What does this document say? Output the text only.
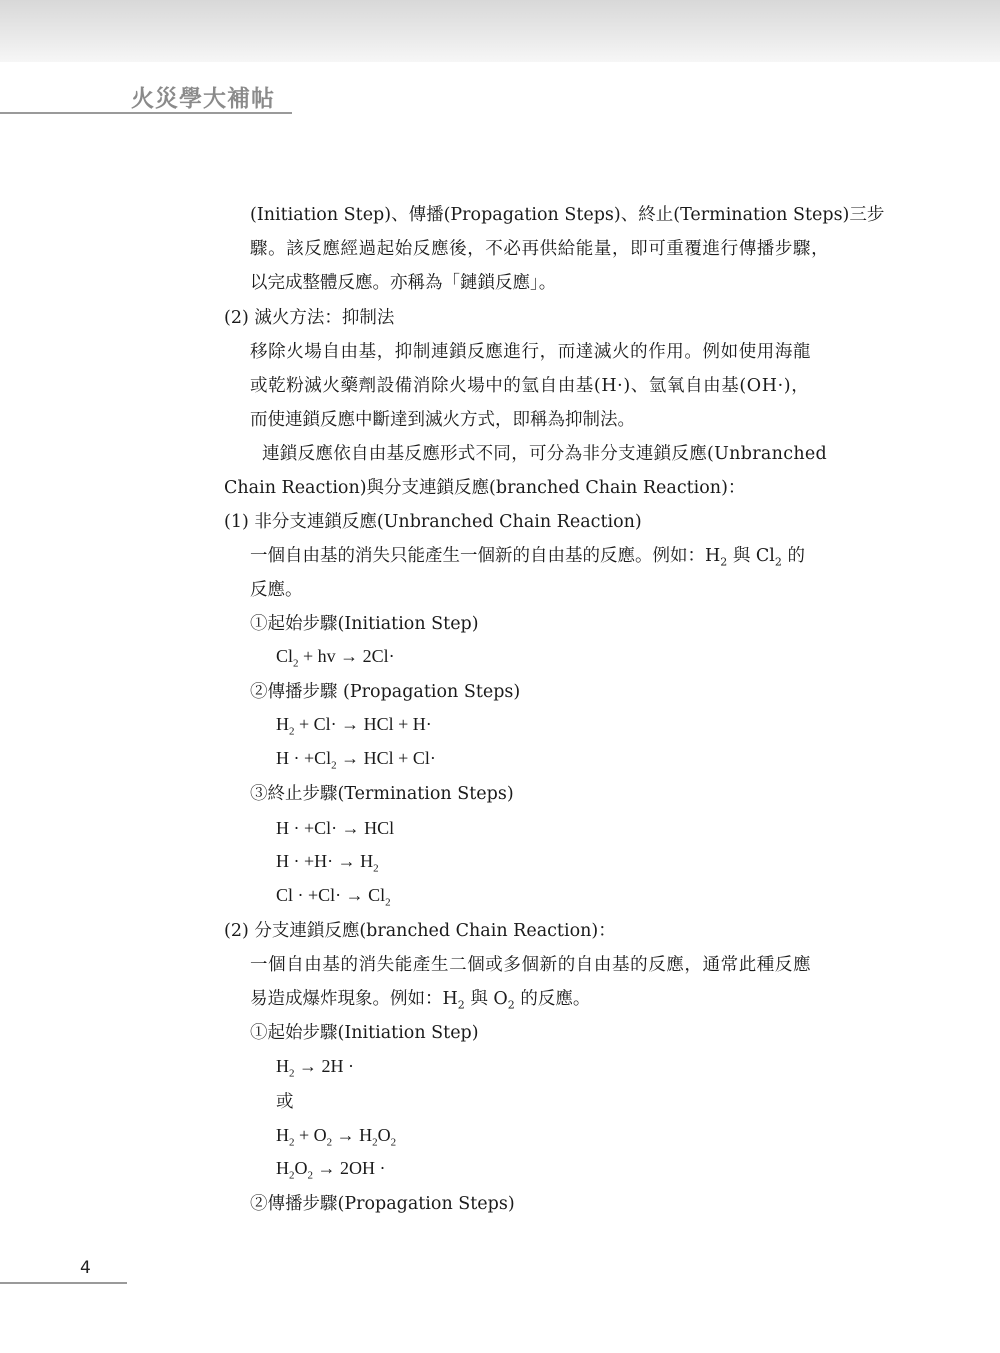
火災學大補帖
(Initiation Step)、傳播(Propagation Steps)、終止(Termination Steps)三步
驟。該反應經過起始反應後，不必再供給能量，即可重覆進行傳播步驟，
以完成整體反應。亦稱為「鏈鎖反應」。
(2) 滅火方法：抑制法
移除火場自由基，抑制連鎖反應進行，而達滅火的作用。例如使用海龍
或乾粉滅火藥劑設備消除火場中的氫自由基(H·)、氫氧自由基(OH·)，
而使連鎖反應中斷達到滅火方式，即稱為抑制法。
連鎖反應依自由基反應形式不同，可分為非分支連鎖反應(Unbranched
Chain Reaction)與分支連鎖反應(branched Chain Reaction)：
(1) 非分支連鎖反應(Unbranched Chain Reaction)
一個自由基的消失只能產生一個新的自由基的反應。例如：$H_2$ 與 $Cl_2$ 的
反應。
①起始步驟(Initiation Step)
$Cl_2$ + hv → 2Cl·
②傳播步驟 (Propagation Steps)
$H_2 + Cl\cdot$ → HCl + H·
$H \cdot +Cl_2$ → HCl + Cl·
③終止步驟(Termination Steps)
H · +Cl· → HCl
$H \cdot +H\cdot \to H_2$
$Cl \cdot +Cl\cdot \to Cl_2$
(2) 分支連鎖反應(branched Chain Reaction)：
一個自由基的消失能產生二個或多個新的自由基的反應，通常此種反應
易造成爆炸現象。例如：$H_2$ 與 $O_2$ 的反應。
①起始步驟(Initiation Step)
$H_2 \to 2H$ ·
或
$H_2 + O_2 \to H_2O_2$
$H_2O_2 \to 2OH$ ·
②傳播步驟(Propagation Steps)
4
